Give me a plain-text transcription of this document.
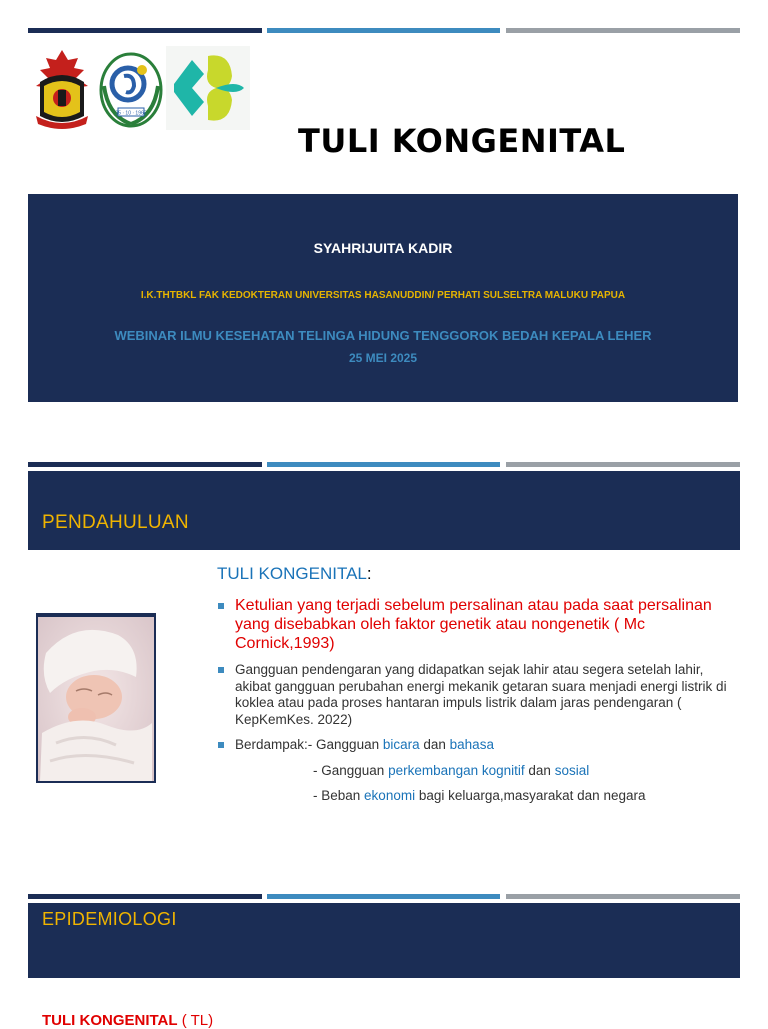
25 · 10 · 1965
TULI KONGENITAL
SYAHRIJUITA KADIR
I.K.THTBKL FAK KEDOKTERAN UNIVERSITAS HASANUDDIN/ PERHATI SULSELTRA MALUKU PAPUA
WEBINAR ILMU KESEHATAN TELINGA HIDUNG TENGGOROK BEDAH KEPALA LEHER
25 MEI 2025
PENDAHULUAN
TULI KONGENITAL:
Ketulian yang terjadi sebelum persalinan atau pada saat persalinan yang disebabkan oleh faktor genetik atau nongenetik ( Mc Cornick,1993)
Gangguan pendengaran yang didapatkan sejak lahir atau segera setelah lahir, akibat gangguan perubahan energi mekanik getaran suara menjadi energi listrik di koklea atau pada proses hantaran impuls listrik dalam jaras pendengaran ( KepKemKes. 2022)
Berdampak:- Gangguan bicara dan bahasa
- Gangguan perkembangan kognitif dan sosial
- Beban ekonomi bagi keluarga,masyarakat dan negara
EPIDEMIOLOGI
TULI KONGENITAL ( TL)
